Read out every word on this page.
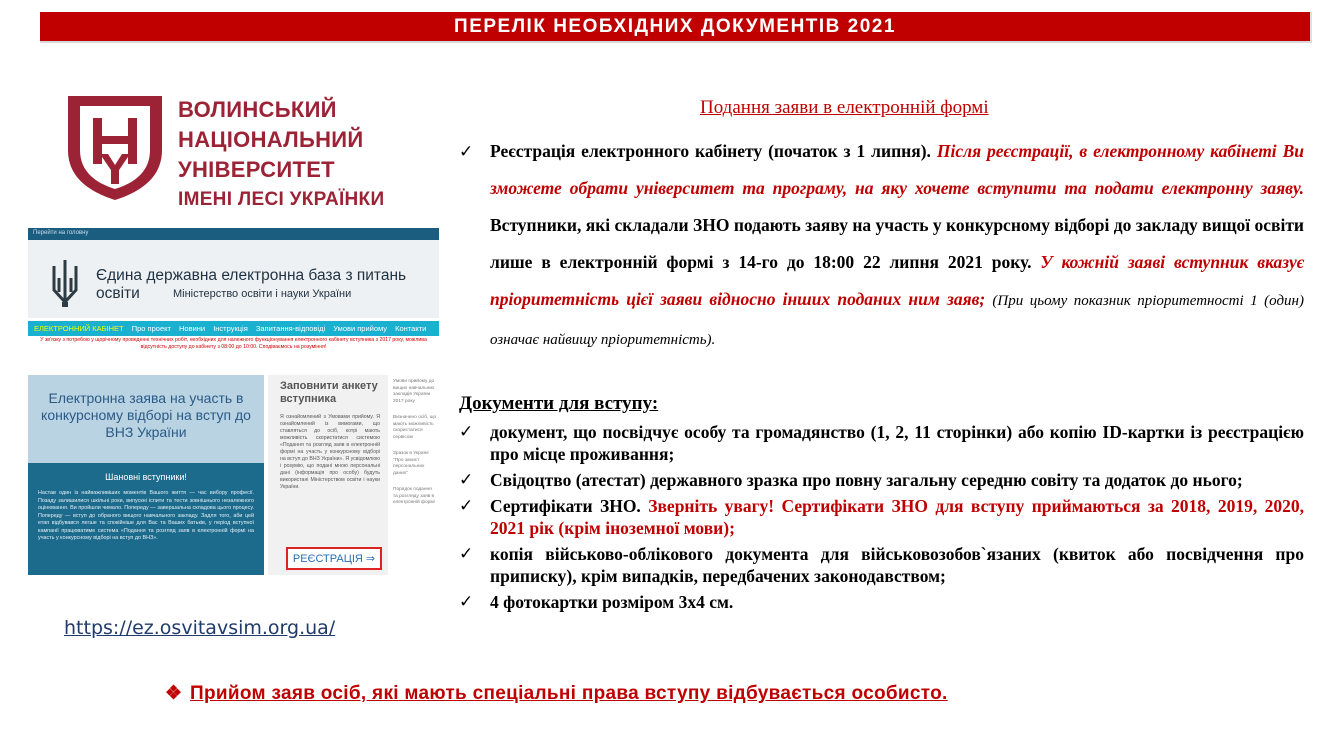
ПЕРЕЛІК НЕОБХІДНИХ ДОКУМЕНТІВ 2021
ВОЛИНСЬКИЙ
НАЦІОНАЛЬНИЙ
УНІВЕРСИТЕТ
ІМЕНІ ЛЕСІ УКРАЇНКИ
Перейти на головну
Єдина державна електронна база з питань освіти	Міністерство освіти і науки України
ЕЛЕКТРОННИЙ КАБІНЕТ Про проект Новини Інструкція Запитання-відповіді Умови прийому Контакти
У зв'язку з потребою у щорічному проведенні технічних робіт, необхідних для належного функціонування електронного кабінету вступника з 2017 року, можлива відсутність доступу до кабінету з 08:00 до 10:00. Сподіваємось на розуміння!
Електронна заява на участь в конкурсному відборі на вступ до ВНЗ України
Шановні вступники!
Настав один із найважливіших моментів Вашого життя — час вибору професії. Позаду залишилися шкільні роки, випускні іспити та тести зовнішнього незалежного оцінювання. Ви пройшли чимало. Попереду — завершальна складова цього процесу. Попереду — вступ до обраного вищого навчального закладу. Задля того, аби цей етап відбувався легше та спокійніше для Вас та Ваших батьків, у період вступної кампанії працюватиме система «Подання та розгляд заяв в електронній формі на участь у конкурсному відборі на вступ до ВНЗ».
Заповнити анкету вступника
Я ознайомлений з Умовами прийому. Я ознайомлений із вимогами, що ставляться до осіб, котрі мають можливість скористатися системою «Подання та розгляд заяв в електронній формі на участь у конкурсному відборі на вступ до ВНЗ України». Я усвідомлюю і розумію, що подані мною персональні дані (інформація про особу) будуть використані Міністерством освіти і науки України.
РЕЄСТРАЦІЯ ⇒
Умови прийому до вищих навчальних закладів України 2017 року
Визначено осіб, що мають можливість скористатися сервісом
Зразок в Україні "Про захист персональних даних"
Порядок подання та розгляду заяв в електронній формі
https://ez.osvitavsim.org.ua/
Подання заяви в електронній формі
✓ Реєстрація електронного кабінету (початок з 1 липня). Після реєстрації, в електронному кабінеті Ви зможете обрати університет та програму, на яку хочете вступити та подати електронну заяву. Вступники, які складали ЗНО подають заяву на участь у конкурсному відборі до закладу вищої освіти лише в електронній формі з 14-го до 18:00 22 липня 2021 року. У кожній заяві вступник вказує пріоритетність цієї заяви відносно інших поданих ним заяв; (При цьому показник пріоритетності 1 (один) означає найвищу пріоритетність).
Документи для вступу:
✓ документ, що посвідчує особу та громадянство (1, 2, 11 сторінки) або копію ID-картки із реєстрацією про місце проживання;
✓ Свідоцтво (атестат) державного зразка про повну загальну середню совіту та додаток до нього;
✓ Сертифікати ЗНО. Зверніть увагу! Сертифікати ЗНО для вступу приймаються за 2018, 2019, 2020, 2021 рік (крім іноземної мови);
✓ копія військово-облікового документа для військовозобов`язаних (квиток або посвідчення про приписку), крім випадків, передбачених законодавством;
✓ 4 фотокартки розміром 3х4 см.
❖ Прийом заяв осіб, які мають спеціальні права вступу відбувається особисто.
